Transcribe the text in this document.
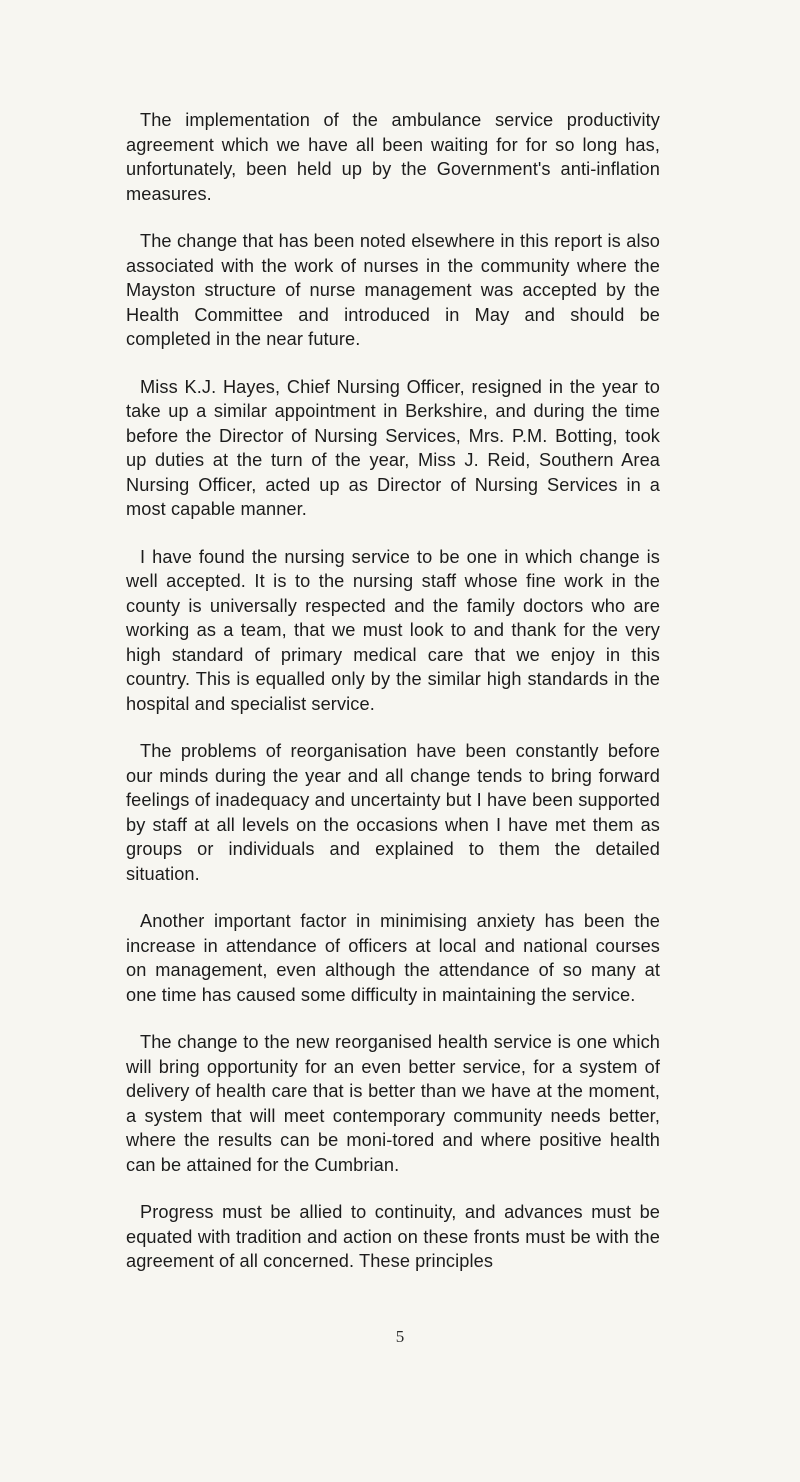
The implementation of the ambulance service productivity agreement which we have all been waiting for for so long has, unfortunately, been held up by the Government's anti-inflation measures.

The change that has been noted elsewhere in this report is also associated with the work of nurses in the community where the Mayston structure of nurse management was accepted by the Health Committee and introduced in May and should be completed in the near future.

Miss K.J. Hayes, Chief Nursing Officer, resigned in the year to take up a similar appointment in Berkshire, and during the time before the Director of Nursing Services, Mrs. P.M. Botting, took up duties at the turn of the year, Miss J. Reid, Southern Area Nursing Officer, acted up as Director of Nursing Services in a most capable manner.

I have found the nursing service to be one in which change is well accepted. It is to the nursing staff whose fine work in the county is universally respected and the family doctors who are working as a team, that we must look to and thank for the very high standard of primary medical care that we enjoy in this country. This is equalled only by the similar high standards in the hospital and specialist service.

The problems of reorganisation have been constantly before our minds during the year and all change tends to bring forward feelings of inadequacy and uncertainty but I have been supported by staff at all levels on the occasions when I have met them as groups or individuals and explained to them the detailed situation.

Another important factor in minimising anxiety has been the increase in attendance of officers at local and national courses on management, even although the attendance of so many at one time has caused some difficulty in maintaining the service.

The change to the new reorganised health service is one which will bring opportunity for an even better service, for a system of delivery of health care that is better than we have at the moment, a system that will meet contemporary community needs better, where the results can be moni-tored and where positive health can be attained for the Cumbrian.

Progress must be allied to continuity, and advances must be equated with tradition and action on these fronts must be with the agreement of all concerned. These principles

5
